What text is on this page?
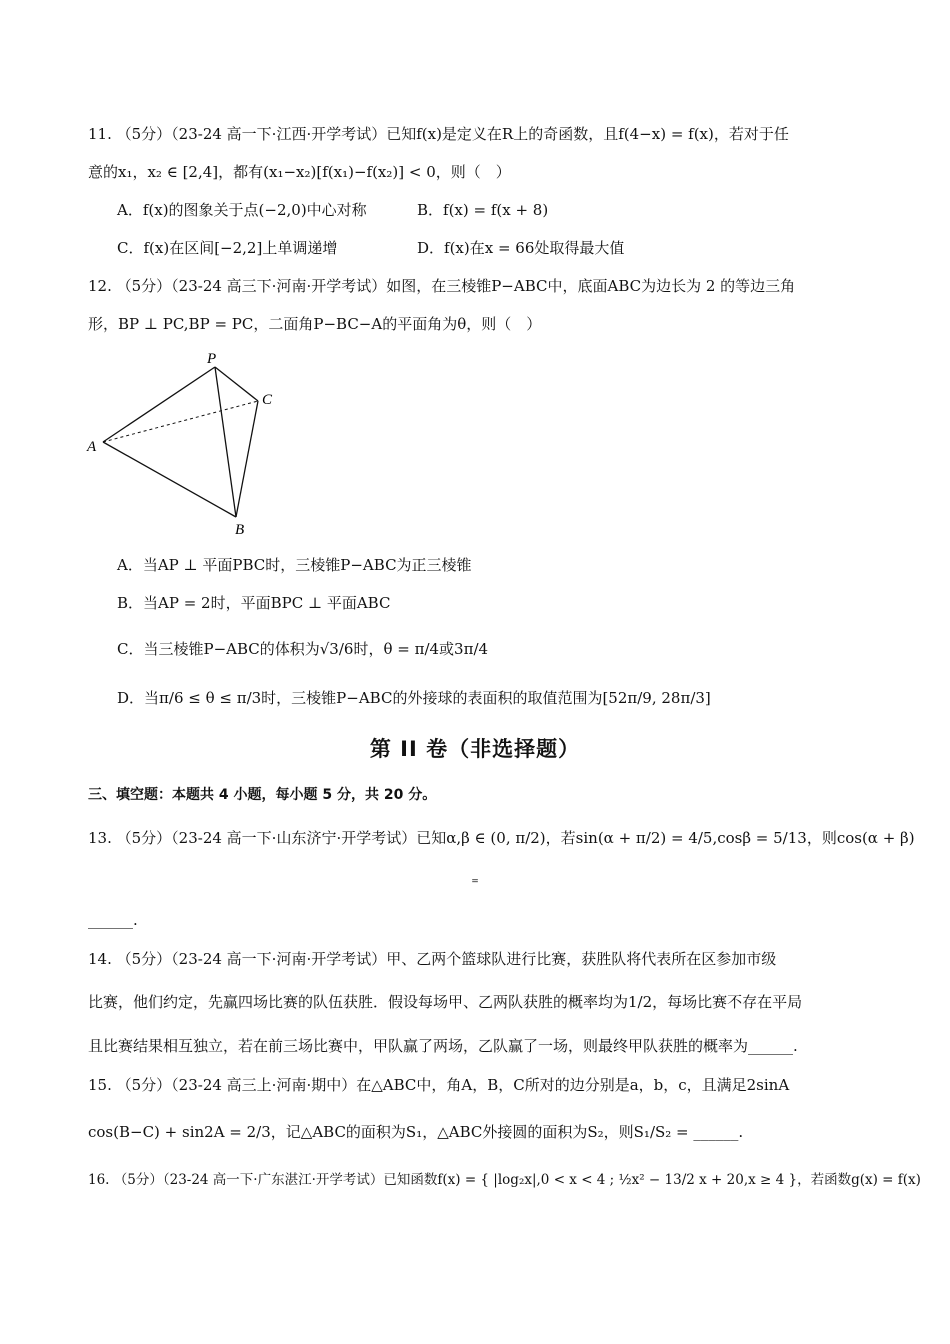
11. （5分）（23-24 高一下·江西·开学考试）已知f(x)是定义在R上的奇函数，且f(4−x) = f(x)，若对于任
意的x₁，x₂ ∈ [2,4]，都有(x₁−x₂)[f(x₁)−f(x₂)] < 0，则（　）
A．f(x)的图象关于点(−2,0)中心对称	B．f(x) = f(x + 8)
C．f(x)在区间[−2,2]上单调递增	D．f(x)在x = 66处取得最大值
12. （5分）（23-24 高三下·河南·开学考试）如图，在三棱锥P−ABC中，底面ABC为边长为 2 的等边三角
形，BP ⊥ PC,BP = PC，二面角P−BC−A的平面角为θ，则（　）
P
C
A
B
A．当AP ⊥ 平面PBC时，三棱锥P−ABC为正三棱锥
B．当AP = 2时，平面BPC ⊥ 平面ABC
C．当三棱锥P−ABC的体积为√3/6时，θ = π/4或3π/4
D．当π/6 ≤ θ ≤ π/3时，三棱锥P−ABC的外接球的表面积的取值范围为[52π/9, 28π/3]
第 II 卷（非选择题）
三、填空题：本题共 4 小题，每小题 5 分，共 20 分。
13. （5分）（23-24 高一下·山东济宁·开学考试）已知α,β ∈ (0, π/2)，若sin(α + π/2) = 4/5,cosβ = 5/13，则cos(α + β)
=
______.
14. （5分）（23-24 高一下·河南·开学考试）甲、乙两个篮球队进行比赛，获胜队将代表所在区参加市级
比赛，他们约定，先赢四场比赛的队伍获胜．假设每场甲、乙两队获胜的概率均为1/2，每场比赛不存在平局
且比赛结果相互独立，若在前三场比赛中，甲队赢了两场，乙队赢了一场，则最终甲队获胜的概率为______.
15. （5分）（23-24 高三上·河南·期中）在△ABC中，角A，B，C所对的边分别是a，b，c，且满足2sinA
cos(B−C) + sin2A = 2/3，记△ABC的面积为S₁，△ABC外接圆的面积为S₂，则S₁/S₂ = ______.
16. （5分）（23-24 高一下·广东湛江·开学考试）已知函数f(x) = { |log₂x|,0 < x < 4 ; ½x² − 13/2 x + 20,x ≥ 4 }，若函数g(x) = f(x)
